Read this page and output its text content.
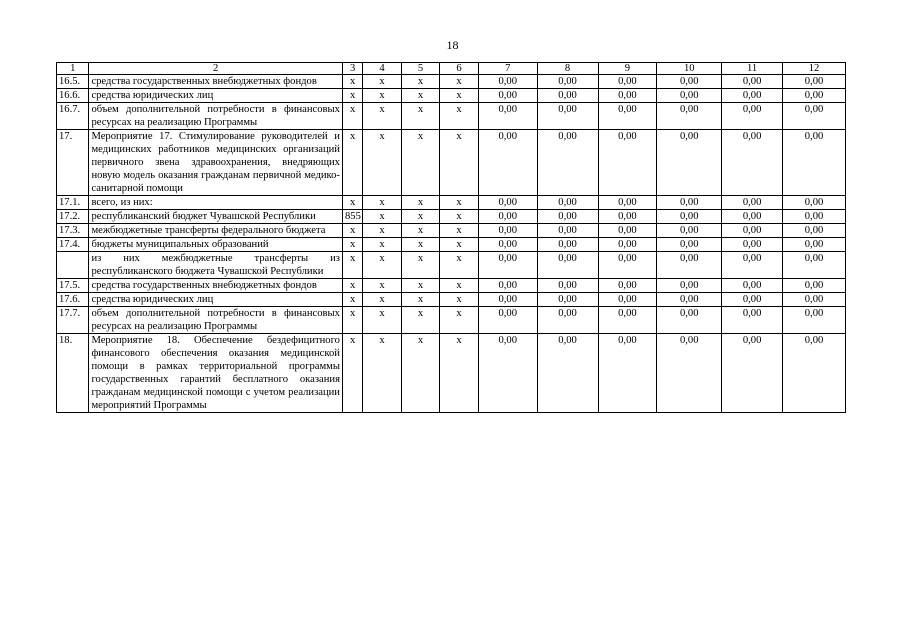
18
1	2	3	4	5	6	7	8	9	10	11	12
16.5.	средства государственных внебюджетных фондов	х	х	х	х	0,00	0,00	0,00	0,00	0,00	0,00
16.6.	средства юридических лиц	х	х	х	х	0,00	0,00	0,00	0,00	0,00	0,00
16.7.	объем дополнительной потребности в финансовых ресурсах на реализацию Программы	х	х	х	х	0,00	0,00	0,00	0,00	0,00	0,00
17.	Мероприятие 17. Стимулирование руководителей и медицинских работников медицинских организаций первичного звена здравоохранения, внедряющих новую модель оказания гражданам первичной медико-санитарной помощи	х	х	х	х	0,00	0,00	0,00	0,00	0,00	0,00
17.1.	всего, из них:	х	х	х	х	0,00	0,00	0,00	0,00	0,00	0,00
17.2.	республиканский бюджет Чувашской Республики	855	х	х	х	0,00	0,00	0,00	0,00	0,00	0,00
17.3.	межбюджетные трансферты федерального бюджета	х	х	х	х	0,00	0,00	0,00	0,00	0,00	0,00
17.4.	бюджеты муниципальных образований	х	х	х	х	0,00	0,00	0,00	0,00	0,00	0,00
	из них межбюджетные трансферты из республиканского бюджета Чувашской Республики	х	х	х	х	0,00	0,00	0,00	0,00	0,00	0,00
17.5.	средства государственных внебюджетных фондов	х	х	х	х	0,00	0,00	0,00	0,00	0,00	0,00
17.6.	средства юридических лиц	х	х	х	х	0,00	0,00	0,00	0,00	0,00	0,00
17.7.	объем дополнительной потребности в финансовых ресурсах на реализацию Программы	х	х	х	х	0,00	0,00	0,00	0,00	0,00	0,00
18.	Мероприятие 18. Обеспечение бездефицитного финансового обеспечения оказания медицинской помощи в рамках территориальной программы государственных гарантий бесплатного оказания гражданам медицинской помощи с учетом реализации мероприятий Программы	х	х	х	х	0,00	0,00	0,00	0,00	0,00	0,00
